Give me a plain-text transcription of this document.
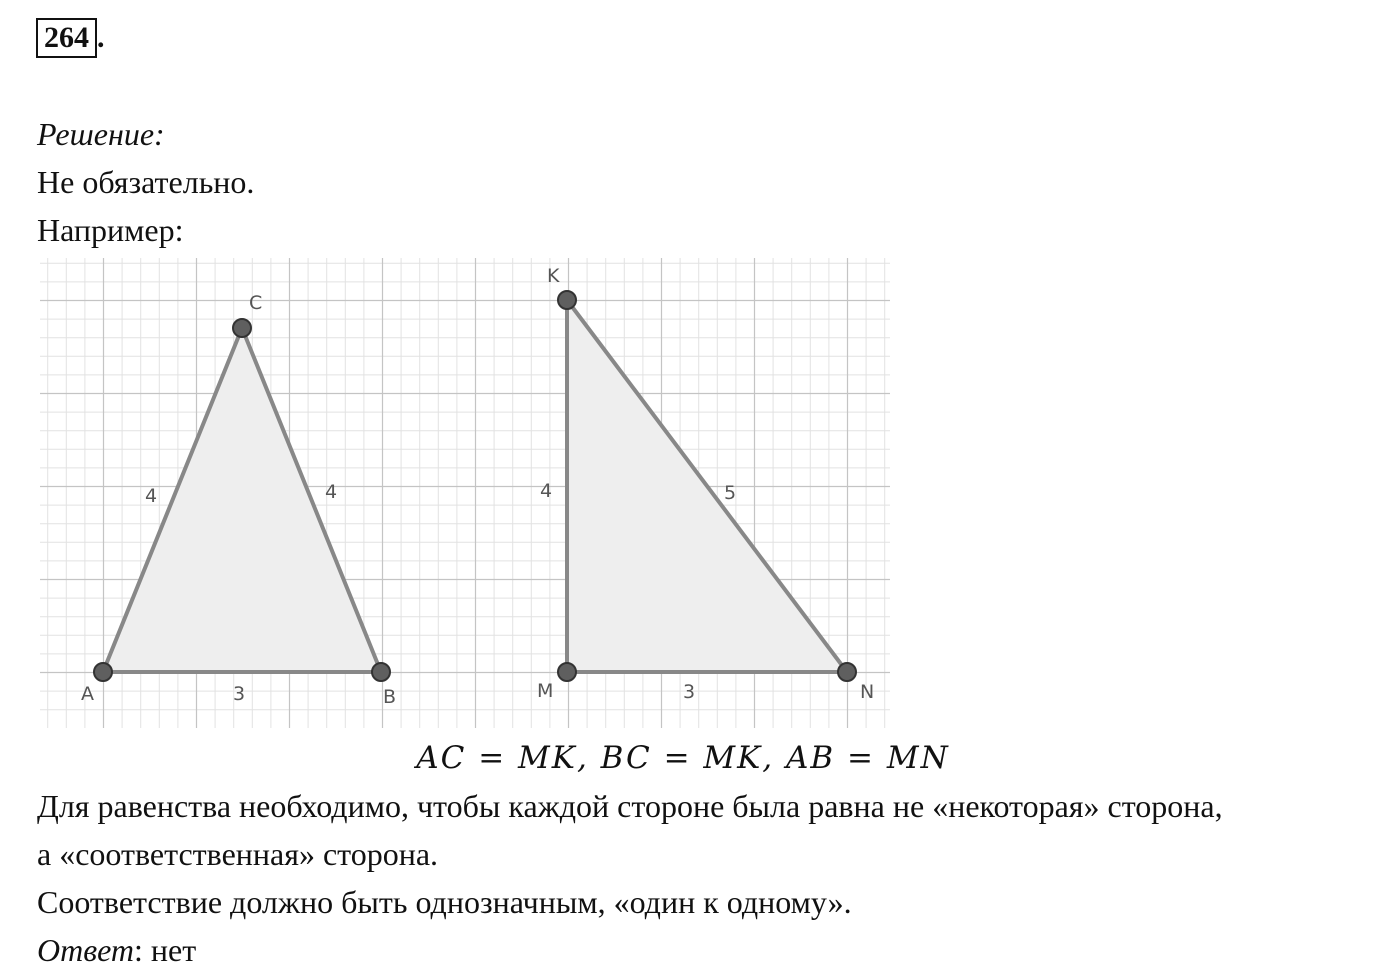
264 .
Решение:
Не обязательно.
Например:
A	B
C
4	4
3	M	N
K
4	5
3
AC = MK, BC = MK, AB = MN
Для равенства необходимо, чтобы каждой стороне была равна не «некоторая» сторона,
а «соответственная» сторона.
Соответствие должно быть однозначным, «один к одному».
Ответ: нет
